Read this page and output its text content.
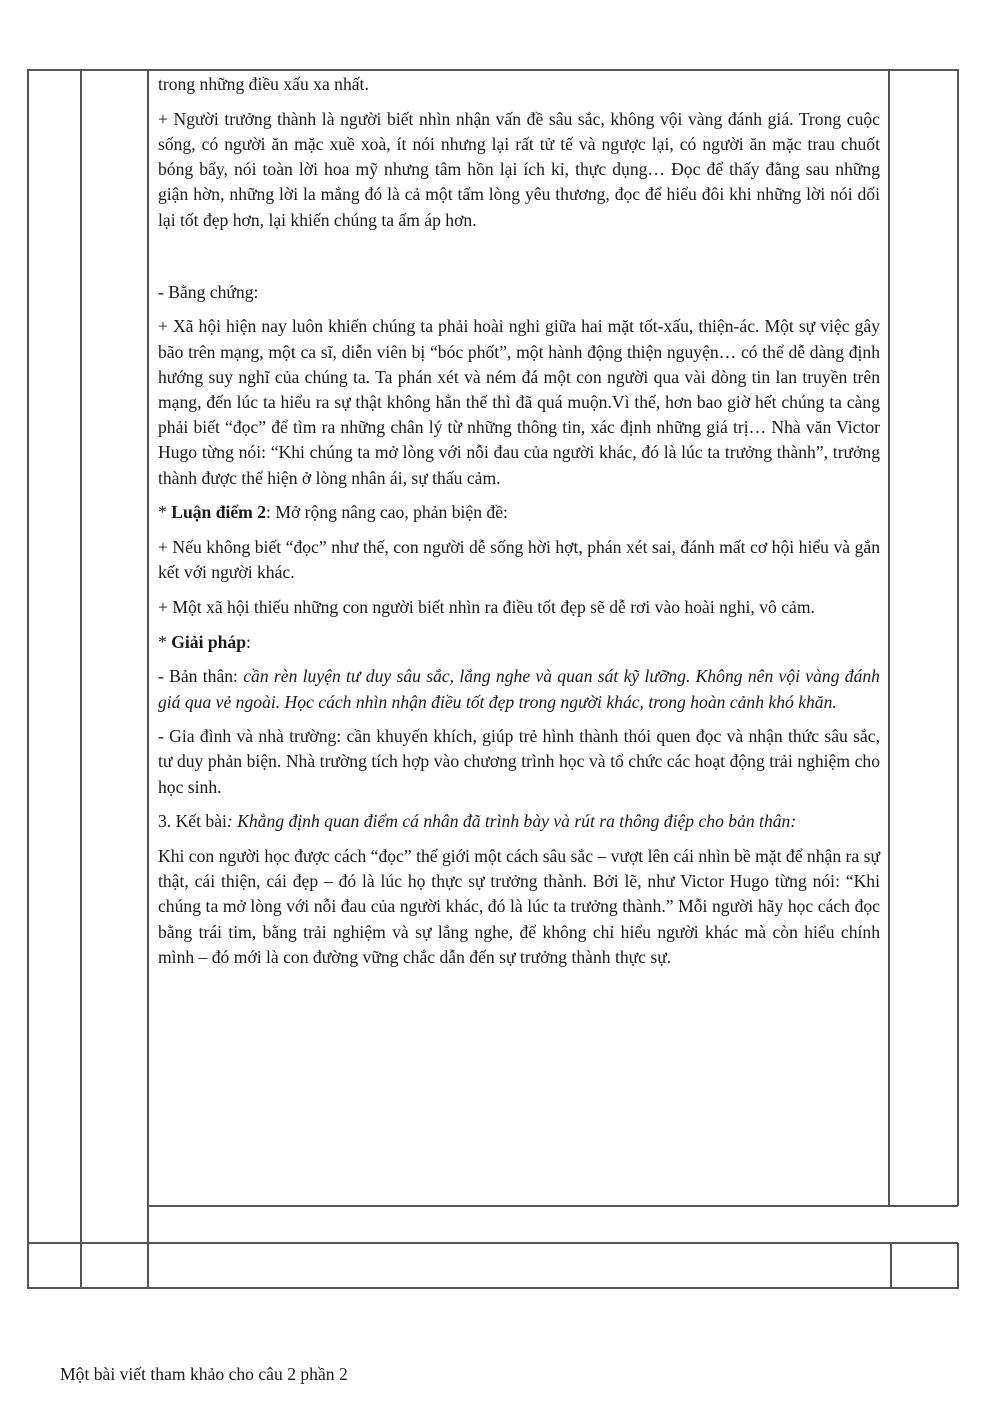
trong những điều xấu xa nhất.

+ Người trưởng thành là người biết nhìn nhận vấn đề sâu sắc, không vội vàng đánh giá. Trong cuộc sống, có người ăn mặc xuề xoà, ít nói nhưng lại rất tử tế và ngược lại, có người ăn mặc trau chuốt bóng bẩy, nói toàn lời hoa mỹ nhưng tâm hồn lại ích kỉ, thực dụng… Đọc để thấy đằng sau những giận hờn, những lời la mắng đó là cả một tấm lòng yêu thương, đọc để hiểu đôi khi những lời nói dối lại tốt đẹp hơn, lại khiến chúng ta ấm áp hơn.

- Bằng chứng:

+ Xã hội hiện nay luôn khiến chúng ta phải hoài nghi giữa hai mặt tốt-xấu, thiện-ác. Một sự việc gây bão trên mạng, một ca sĩ, diễn viên bị “bóc phốt”, một hành động thiện nguyện… có thể dễ dàng định hướng suy nghĩ của chúng ta. Ta phán xét và ném đá một con người qua vài dòng tin lan truyền trên mạng, đến lúc ta hiểu ra sự thật không hẳn thế thì đã quá muộn.Vì thế, hơn bao giờ hết chúng ta càng phải biết “đọc” để tìm ra những chân lý từ những thông tin, xác định những giá trị… Nhà văn Victor Hugo từng nói: “Khi chúng ta mở lòng với nỗi đau của người khác, đó là lúc ta trưởng thành”, trưởng thành được thể hiện ở lòng nhân ái, sự thấu cảm.

* Luận điểm 2: Mở rộng nâng cao, phản biện đề:

+ Nếu không biết “đọc” như thế, con người dễ sống hời hợt, phán xét sai, đánh mất cơ hội hiểu và gắn kết với người khác.

+ Một xã hội thiếu những con người biết nhìn ra điều tốt đẹp sẽ dễ rơi vào hoài nghi, vô cảm.

* Giải pháp:

- Bản thân: cần rèn luyện tư duy sâu sắc, lắng nghe và quan sát kỹ lưỡng. Không nên vội vàng đánh giá qua vẻ ngoài. Học cách nhìn nhận điều tốt đẹp trong người khác, trong hoàn cảnh khó khăn.

- Gia đình và nhà trường: cần khuyến khích, giúp trẻ hình thành thói quen đọc và nhận thức sâu sắc, tư duy phản biện. Nhà trường tích hợp vào chương trình học và tổ chức các hoạt động trải nghiệm cho học sinh.

3. Kết bài: Khẳng định quan điểm cá nhân đã trình bày và rút ra thông điệp cho bản thân:

Khi con người học được cách “đọc” thế giới một cách sâu sắc – vượt lên cái nhìn bề mặt để nhận ra sự thật, cái thiện, cái đẹp – đó là lúc họ thực sự trưởng thành. Bởi lẽ, như Victor Hugo từng nói: “Khi chúng ta mở lòng với nỗi đau của người khác, đó là lúc ta trưởng thành.” Mỗi người hãy học cách đọc bằng trái tim, bằng trải nghiệm và sự lắng nghe, để không chỉ hiểu người khác mà còn hiểu chính mình – đó mới là con đường vững chắc dẫn đến sự trưởng thành thực sự.

Một bài viết tham khảo cho câu 2 phần 2
